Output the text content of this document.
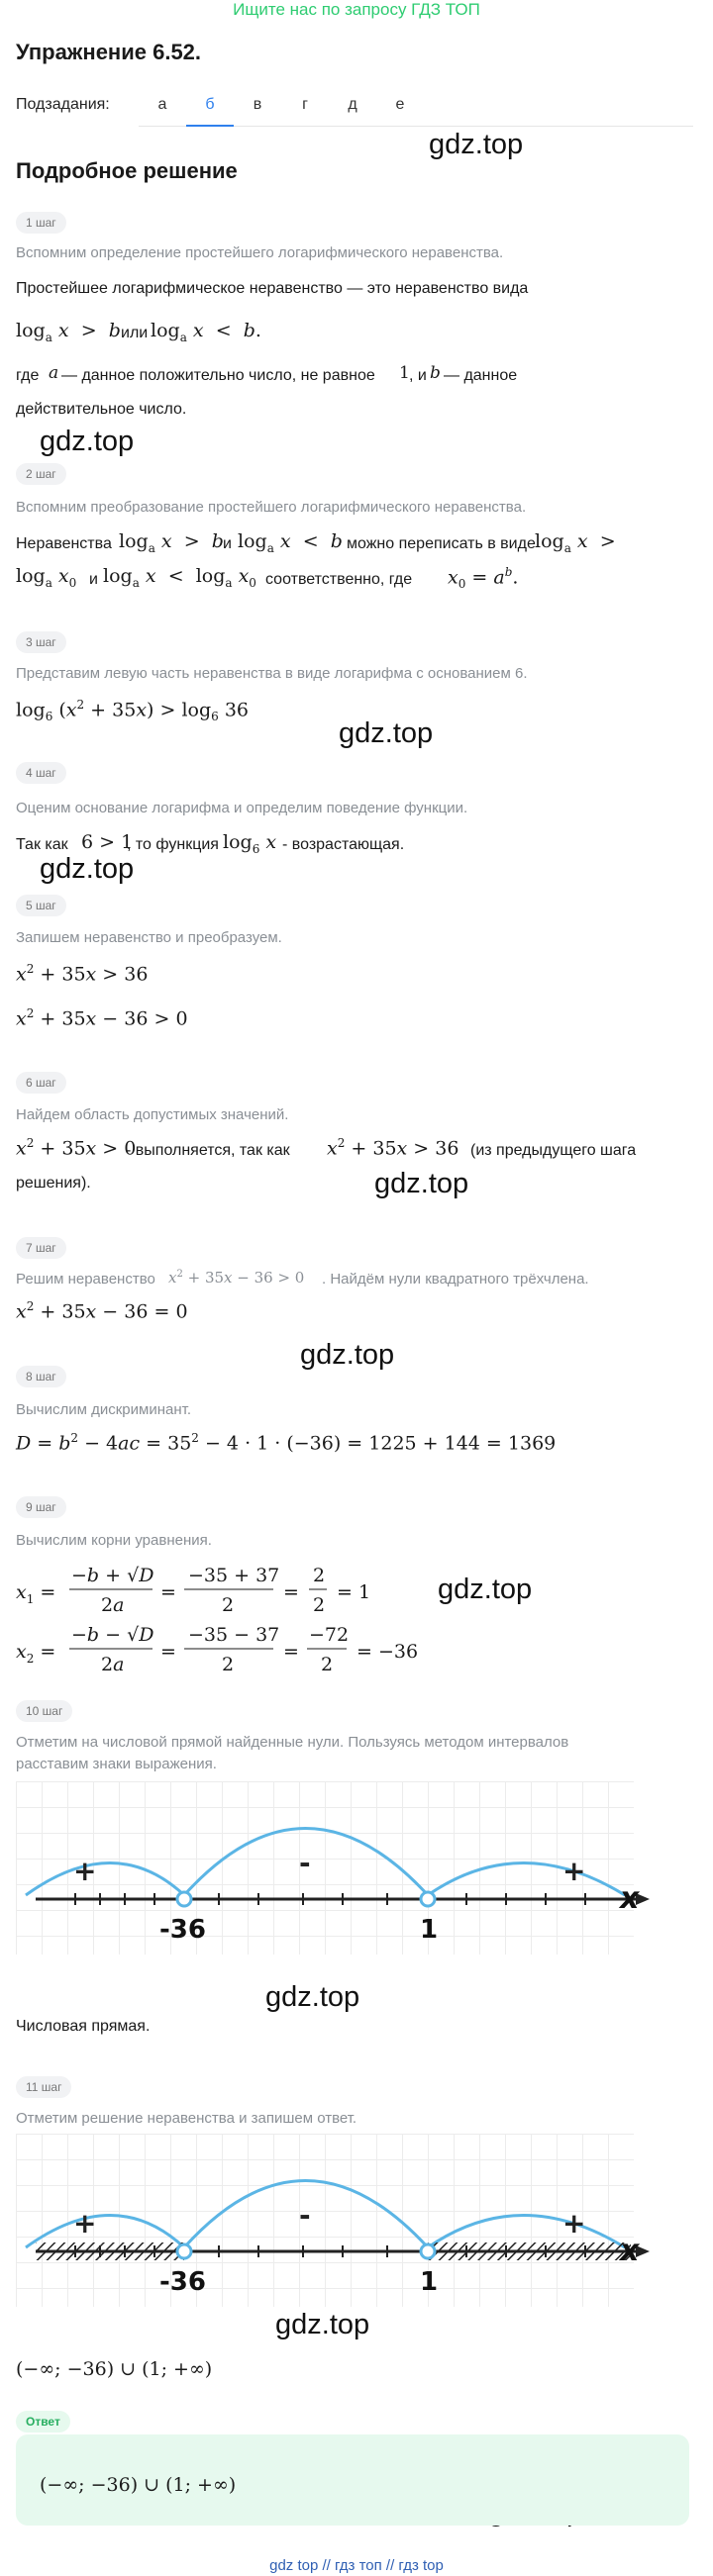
Ищите нас по запросу ГДЗ ТОП
Упражнение 6.52.
Подзадания:	а	б	в	г	д	е
Подробное решение
gdz.top
gdz.top
gdz.top
gdz.top
gdz.top
gdz.top
gdz.top
gdz.top
gdz.top
1 шаг
Вспомним определение простейшего логарифмического неравенства.
Простейшее логарифмическое неравенство — это неравенство вида
$\log_a x > b$ или $\log_a x < b$.
где a — данное положительно число, не равное 1 , и b — данное
действительное число.
2 шаг
Вспомним преобразование простейшего логарифмического неравенства.
Неравенства $\log_a x > b$ и $\log_a x < b$ можно переписать в виде $\log_a x$  >
$\log_a x_0$ и $\log_a x < \log_a x_0$ соответственно, где $x_0 = a^b$.
3 шаг
Представим левую часть неравенства в виде логарифма с основанием 6.
$\log_6 (x^2 + 35x) > \log_6 36$
4 шаг
Оценим основание логарифма и определим поведение функции.
Так как 6 > 1
, то функция $\log_6 x$ - возрастающая.
5 шаг
Запишем неравенство и преобразуем.
$x^2 + 35x > 36$
$x^2 + 35x - 36 > 0$
6 шаг
Найдем область допустимых значений.
$x^2 + 35x > 0$
- выполняется, так как $x^2 + 35x > 36$ (из предыдущего шага
решения).
7 шаг
Решим неравенство $x^2 + 35x - 36 > 0$ . Найдём нули квадратного трёхчлена.
$x^2 + 35x - 36 = 0$
8 шаг
Вычислим дискриминант.
$D = b^2 - 4ac = 35^2 - 4 \cdot 1 \cdot (-36) = 1225 + 144 = 1369$
9 шаг
Вычислим корни уравнения.
$x_1$ =
−b + √D
2a
=
−35 + 37
2
=
2
2
= 1
$x_2$ =
−b − √D
2a
=
−35 − 37
2
=
−72
2
= −36
10 шаг
Отметим на числовой прямой найденные нули. Пользуясь методом интервалов
расставим знаки выражения.
+	-	+
-36	1
x
Числовая прямая.
11 шаг
Отметим решение неравенства и запишем ответ.
+	-	+
-36	1
x
(−∞; −36) ∪ (1; +∞)
Ответ
(−∞; −36) ∪ (1; +∞)
gdz top // гдз топ // гдз top
